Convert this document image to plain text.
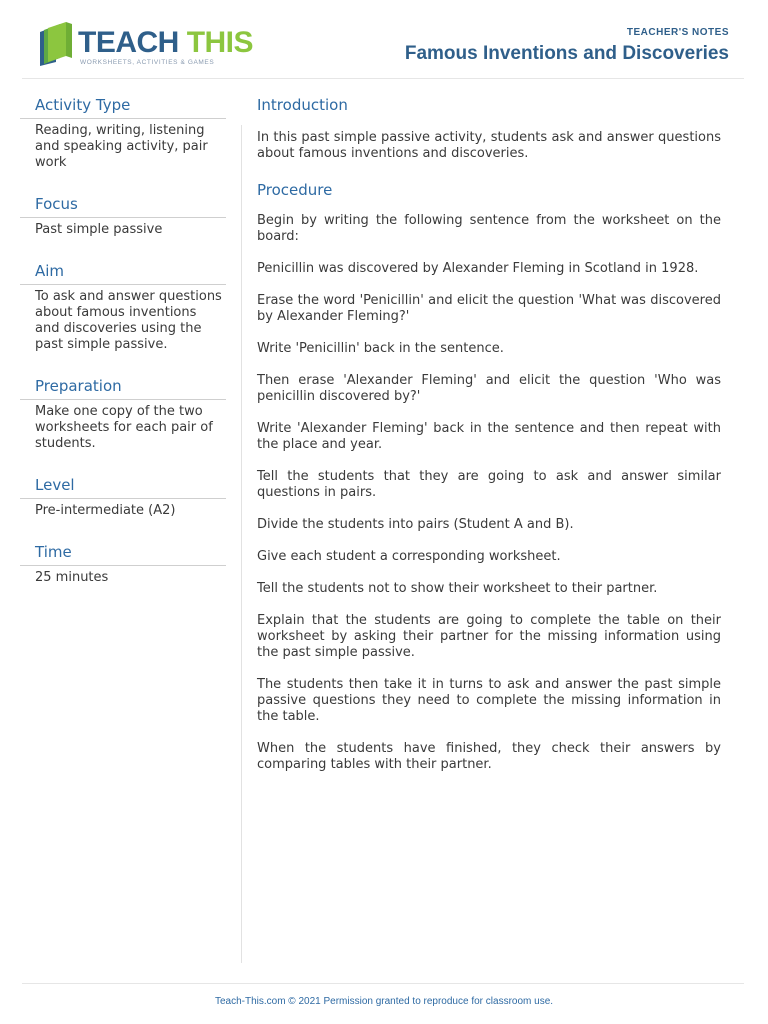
TEACH THIS
WORKSHEETS, ACTIVITIES & GAMES
TEACHER'S NOTES
Famous Inventions and Discoveries
Activity Type
Reading, writing, listening and speaking activity, pair work
Focus
Past simple passive
Aim
To ask and answer questions about famous inventions and discoveries using the past simple passive.
Preparation
Make one copy of the two worksheets for each pair of students.
Level
Pre-intermediate (A2)
Time
25 minutes
Introduction

In this past simple passive activity, students ask and answer questions about famous inventions and discoveries.

Procedure

Begin by writing the following sentence from the worksheet on the board:

Penicillin was discovered by Alexander Fleming in Scotland in 1928.

Erase the word 'Penicillin' and elicit the question 'What was discovered by Alexander Fleming?'

Write 'Penicillin' back in the sentence.

Then erase 'Alexander Fleming' and elicit the question 'Who was penicillin discovered by?'

Write 'Alexander Fleming' back in the sentence and then repeat with the place and year.

Tell the students that they are going to ask and answer similar questions in pairs.

Divide the students into pairs (Student A and B).

Give each student a corresponding worksheet.

Tell the students not to show their worksheet to their partner.

Explain that the students are going to complete the table on their worksheet by asking their partner for the missing information using the past simple passive.

The students then take it in turns to ask and answer the past simple passive questions they need to complete the missing information in the table.

When the students have finished, they check their answers by comparing tables with their partner.

Teach-This.com © 2021 Permission granted to reproduce for classroom use.
